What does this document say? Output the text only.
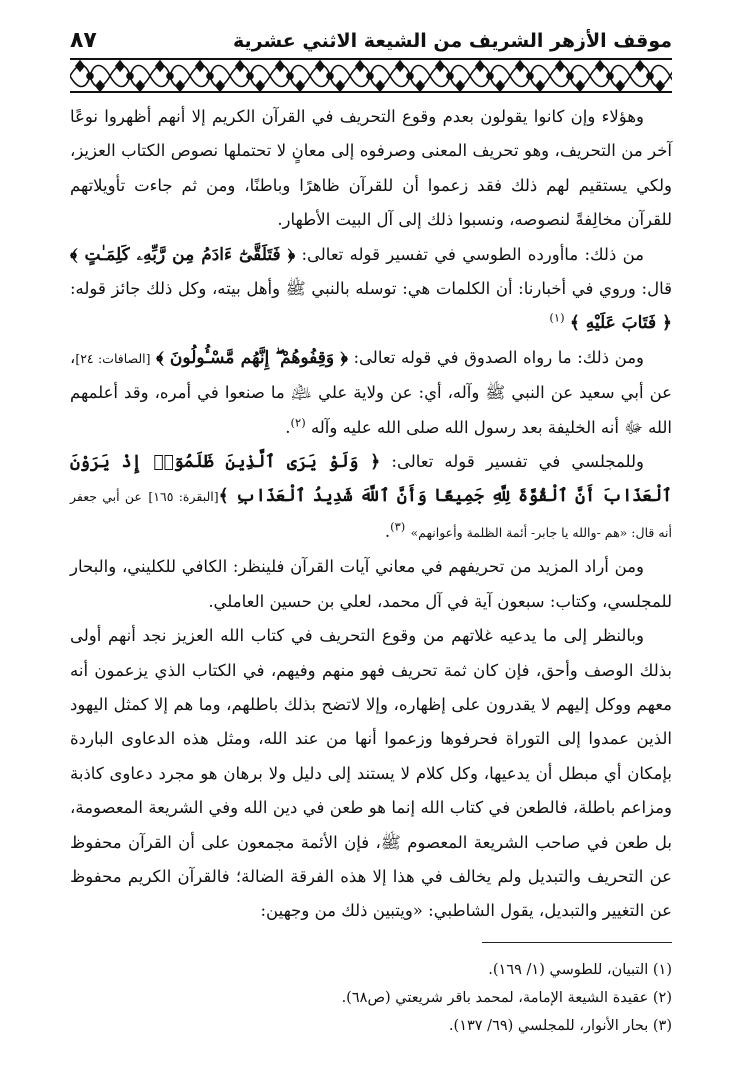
٨٧	موقف الأزهر الشريف من الشيعة الاثني عشرية

وهؤلاء وإن كانوا يقولون بعدم وقوع التحريف في القرآن الكريم إلا أنهم أظهروا نوعًا آخر من التحريف، وهو تحريف المعنى وصرفوه إلى معانٍ لا تحتملها نصوص الكتاب العزيز، ولكي يستقيم لهم ذلك فقد زعموا أن للقرآن ظاهرًا وباطنًا، ومن ثم جاءت تأويلاتهم للقرآن مخالِفةً لنصوصه، ونسبوا ذلك إلى آل البيت الأطهار.

من ذلك: ماأورده الطوسي في تفسير قوله تعالى: ﴿ فَتَلَقَّىٰٓ ءَادَمُ مِن رَّبِّهِۦ كَلِمَـٰتٍ ﴾ قال: وروي في أخبارنا: أن الكلمات هي: توسله بالنبي ﷺ وأهل بيته، وكل ذلك جائز قوله: ﴿ فَتَابَ عَلَيْهِ ﴾ $^{(١)}$

ومن ذلك: ما رواه الصدوق في قوله تعالى: ﴿ وَقِفُوهُمْ ۖ إِنَّهُم مَّسْـُٔولُونَ ﴾ [الصافات: ٢٤]، عن أبي سعيد عن النبي ﷺ وآله، أي: عن ولاية علي ﵇ ما صنعوا في أمره، وقد أعلمهم الله ﷻ أنه الخليفة بعد رسول الله صلى الله عليه وآله $^{(٢)}$.

وللمجلسي في تفسير قوله تعالى: ﴿ وَلَوْ يَرَى ٱلَّذِينَ ظَلَمُوٓا۟ إِذْ يَرَوْنَ ٱلْعَذَابَ أَنَّ ٱلْقُوَّةَ لِلَّهِ جَمِيعًا وَأَنَّ ٱللَّهَ شَدِيدُ ٱلْعَذَابِ ﴾[البقرة: ١٦٥] عن أبي جعفر أنه قال: «هم -والله يا جابر- أئمة الظلمة وأعوانهم» $^{(٣)}$.

ومن أراد المزيد من تحريفهم في معاني آيات القرآن فلينظر: الكافي للكليني، والبحار للمجلسي، وكتاب: سبعون آية في آل محمد، لعلي بن حسين العاملي.

وبالنظر إلى ما يدعيه غلاتهم من وقوع التحريف في كتاب الله العزيز نجد أنهم أولى بذلك الوصف وأحق، فإن كان ثمة تحريف فهو منهم وفيهم، في الكتاب الذي يزعمون أنه معهم ووكل إليهم لا يقدرون على إظهاره، وإلا لاتضح بذلك باطلهم، وما هم إلا كمثل اليهود الذين عمدوا إلى التوراة فحرفوها وزعموا أنها من عند الله، ومثل هذه الدعاوى الباردة بإمكان أي مبطل أن يدعيها، وكل كلام لا يستند إلى دليل ولا برهان هو مجرد دعاوى كاذبة ومزاعم باطلة، فالطعن في كتاب الله إنما هو طعن في دين الله وفي الشريعة المعصومة، بل طعن في صاحب الشريعة المعصوم ﷺ، فإن الأئمة مجمعون على أن القرآن محفوظ عن التحريف والتبديل ولم يخالف في هذا إلا هذه الفرقة الضالة؛ فالقرآن الكريم محفوظ عن التغيير والتبديل، يقول الشاطبي: «ويتبين ذلك من وجهين:

(١) التبيان، للطوسي (١/ ١٦٩).

(٢) عقيدة الشيعة الإمامة، لمحمد باقر شريعتي (ص٦٨).

(٣) بحار الأنوار، للمجلسي (٦٩/ ١٣٧).
